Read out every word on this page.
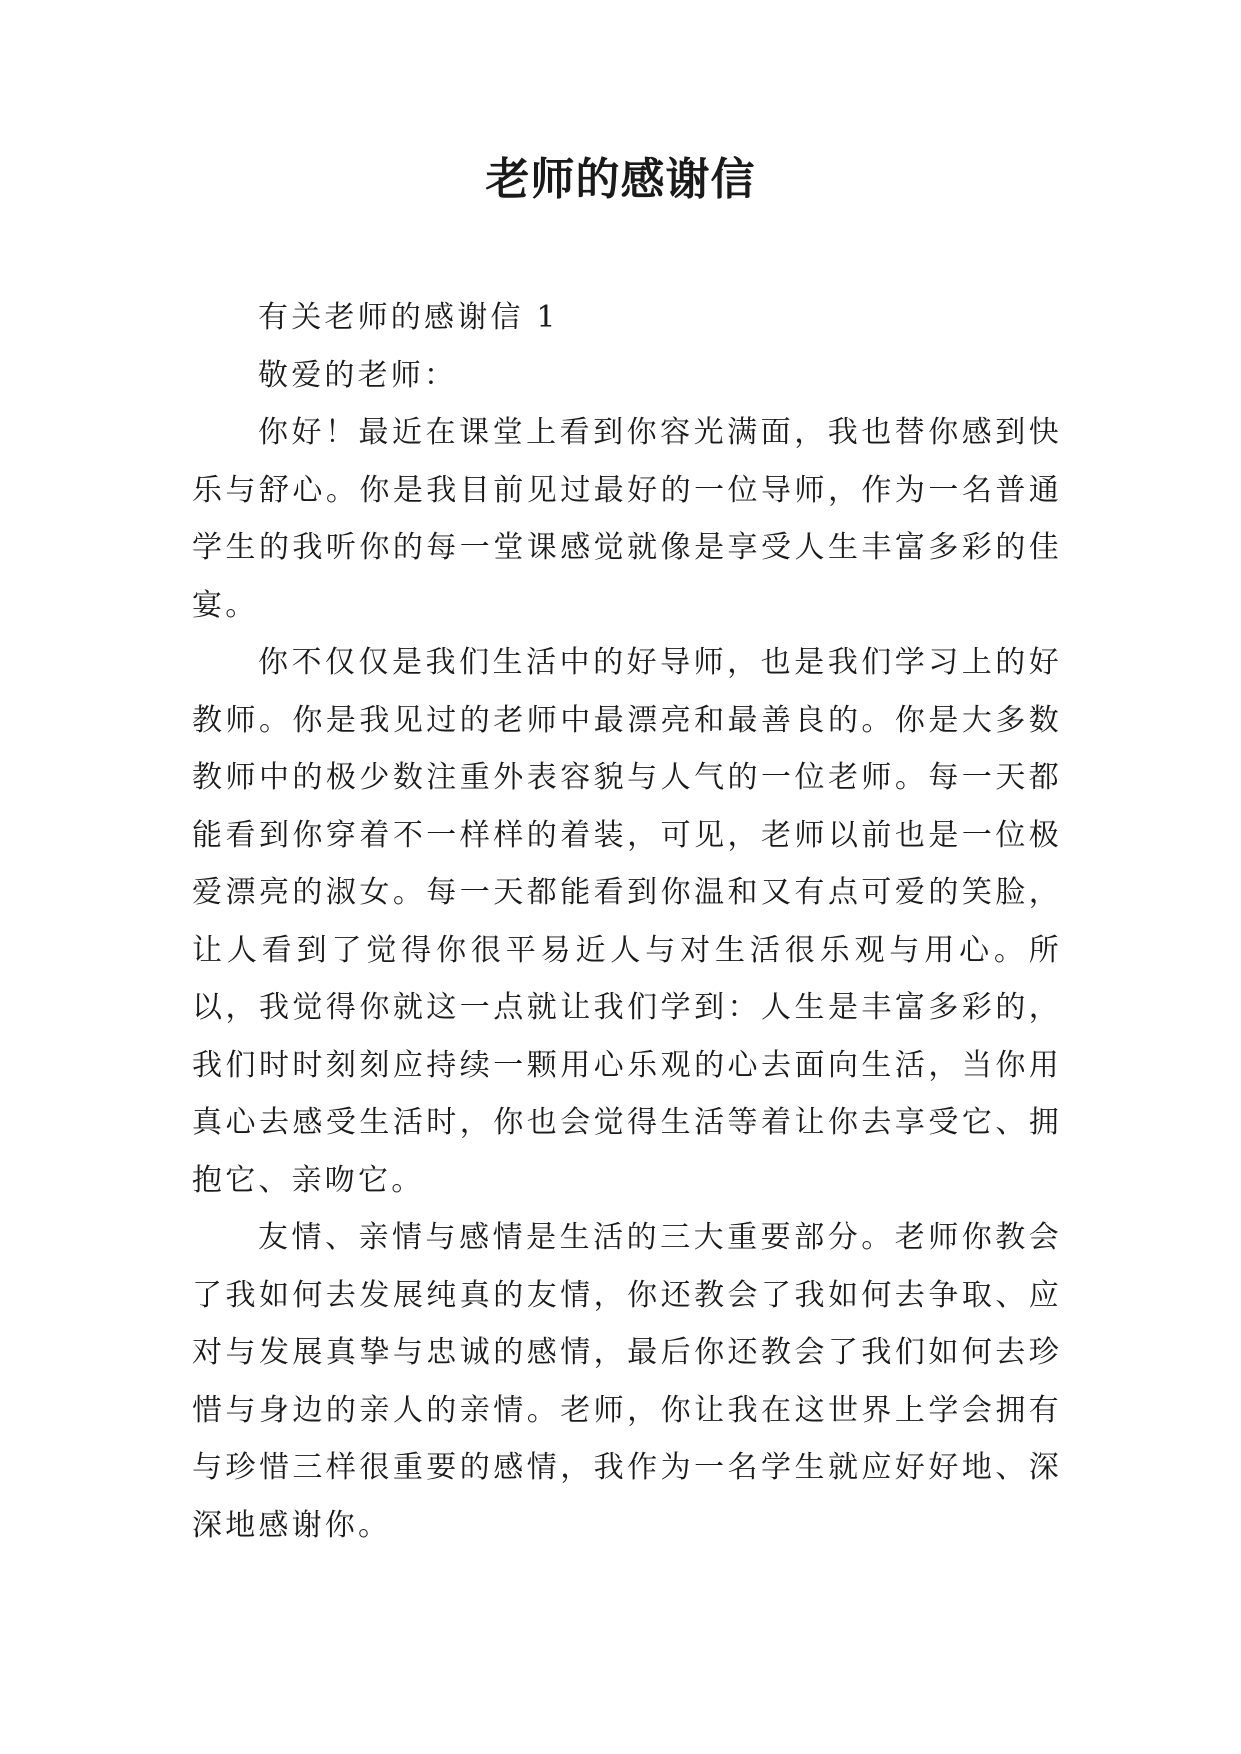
老师的感谢信

有关老师的感谢信 1

敬爱的老师：

你好！最近在课堂上看到你容光满面，我也替你感到快乐与舒心。你是我目前见过最好的一位导师，作为一名普通学生的我听你的每一堂课感觉就像是享受人生丰富多彩的佳宴。

你不仅仅是我们生活中的好导师，也是我们学习上的好教师。你是我见过的老师中最漂亮和最善良的。你是大多数教师中的极少数注重外表容貌与人气的一位老师。每一天都能看到你穿着不一样样的着装，可见，老师以前也是一位极爱漂亮的淑女。每一天都能看到你温和又有点可爱的笑脸，让人看到了觉得你很平易近人与对生活很乐观与用心。所以，我觉得你就这一点就让我们学到：人生是丰富多彩的，我们时时刻刻应持续一颗用心乐观的心去面向生活，当你用真心去感受生活时，你也会觉得生活等着让你去享受它、拥抱它、亲吻它。

友情、亲情与感情是生活的三大重要部分。老师你教会了我如何去发展纯真的友情，你还教会了我如何去争取、应对与发展真挚与忠诚的感情，最后你还教会了我们如何去珍惜与身边的亲人的亲情。老师，你让我在这世界上学会拥有与珍惜三样很重要的感情，我作为一名学生就应好好地、深深地感谢你。
